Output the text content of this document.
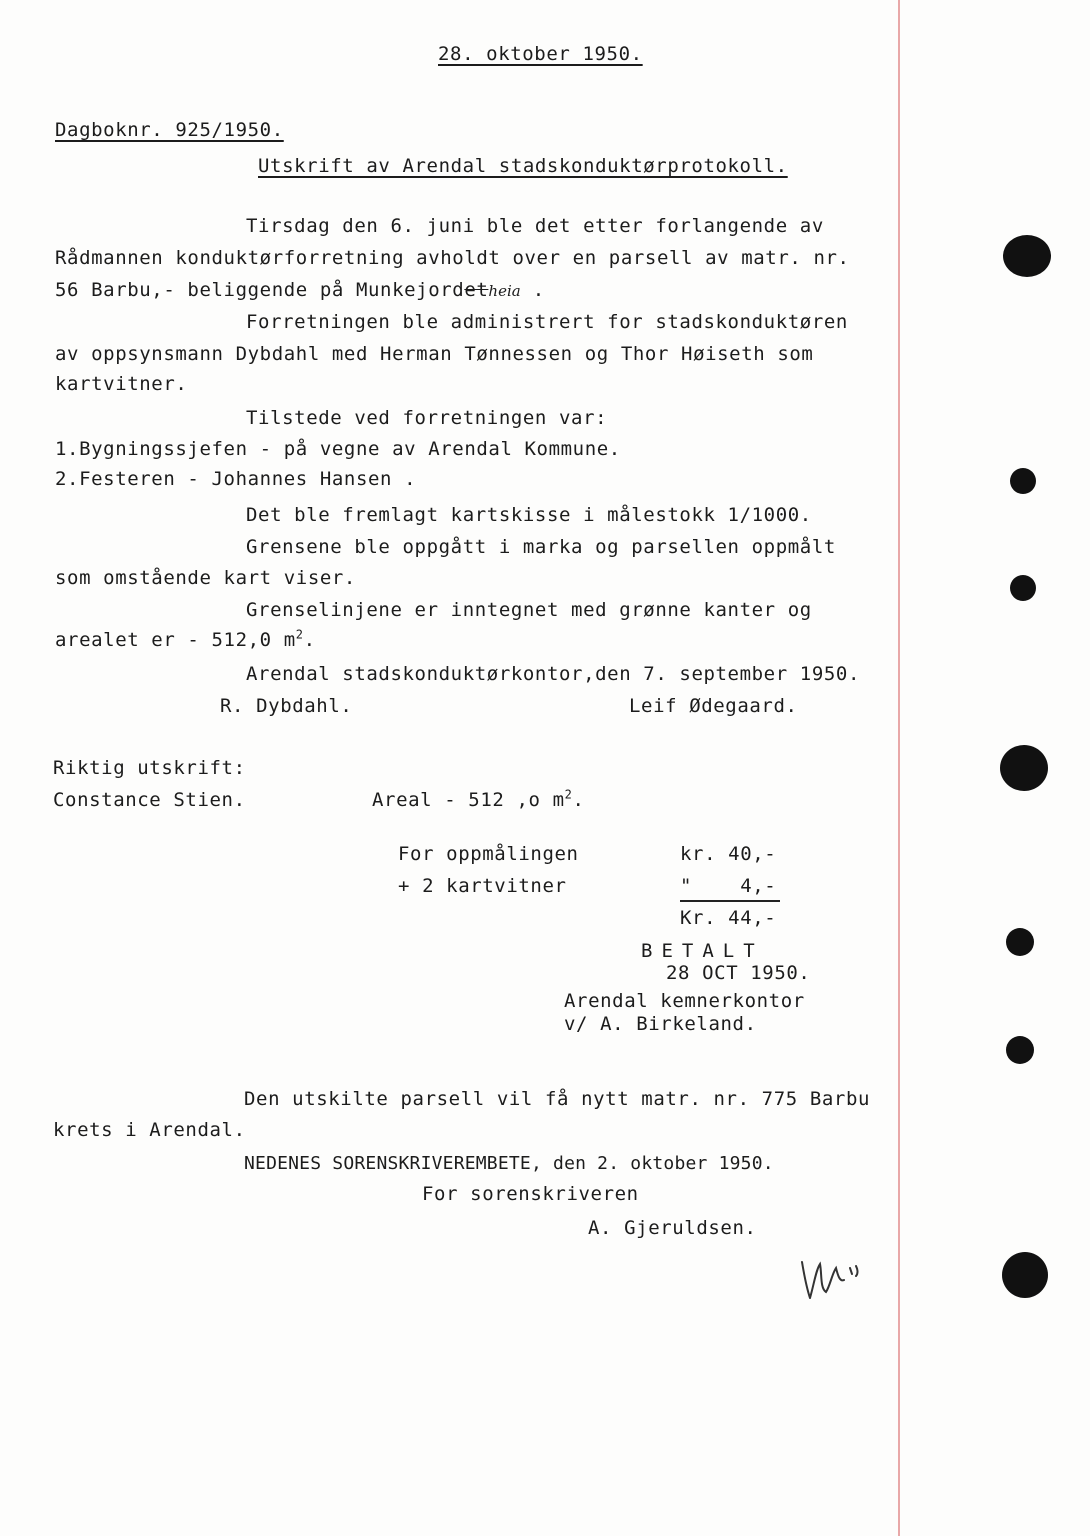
28. oktober 1950.
Dagboknr. 925/1950.
Utskrift av Arendal stadskonduktørprotokoll.
Tirsdag den 6. juni ble det etter forlangende av
Rådmannen konduktørforretning avholdt over en parsell av matr. nr.
56 Barbu,- beliggende på Munkejordetheia .
Forretningen ble administrert for stadskonduktøren
av oppsynsmann Dybdahl med Herman Tønnessen og Thor Høiseth som
kartvitner.
Tilstede ved forretningen var:
1.Bygningssjefen - på vegne av Arendal Kommune.
2.Festeren - Johannes Hansen .
Det ble fremlagt kartskisse i målestokk 1/1000.
Grensene ble oppgått i marka og parsellen oppmålt
som omstående kart viser.
Grenselinjene er inntegnet med grønne kanter og
arealet er - 512,0 $m^2$.
Arendal stadskonduktørkontor,den 7. september 1950.
R. Dybdahl.	Leif Ødegaard.
Riktig utskrift:
Constance Stien.	Areal - 512 ,o $m^2$.
For oppmålingen	kr. 40,-
+ 2 kartvitner	"    4,-
Kr. 44,-
BETALT
28 OCT 1950.
Arendal kemnerkontor
v/ A. Birkeland.
Den utskilte parsell vil få nytt matr. nr. 775 Barbu
krets i Arendal.
NEDENES SORENSKRIVEREMBETE, den 2. oktober 1950.
For sorenskriveren
A. Gjeruldsen.
